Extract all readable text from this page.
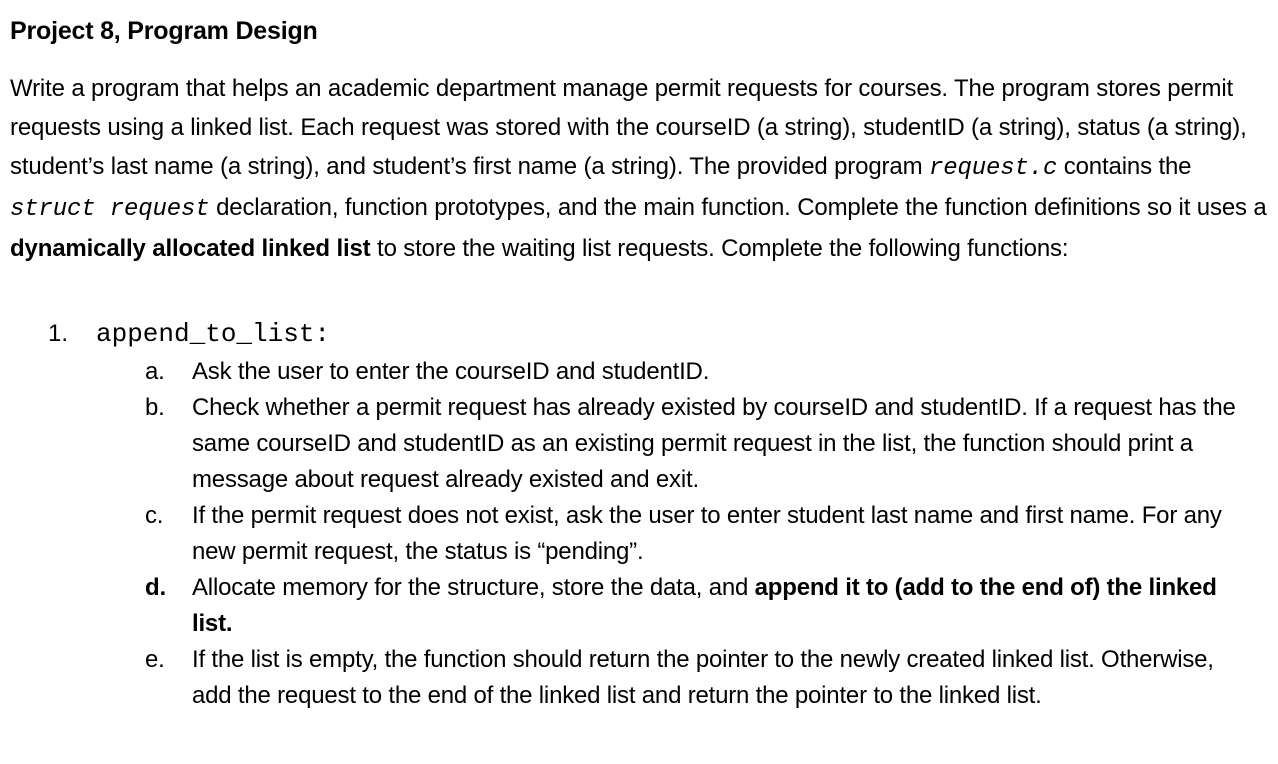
Project 8, Program Design

Write a program that helps an academic department manage permit requests for courses. The program stores permit requests using a linked list. Each request was stored with the courseID (a string), studentID (a string), status (a string), student’s last name (a string), and student’s first name (a string). The provided program request.c contains the struct request declaration, function prototypes, and the main function. Complete the function definitions so it uses a dynamically allocated linked list to store the waiting list requests. Complete the following functions:

1. append_to_list:
a.	Ask the user to enter the courseID and studentID.
b.	Check whether a permit request has already existed by courseID and studentID. If a request has the same courseID and studentID as an existing permit request in the list, the function should print a message about request already existed and exit.
c.	If the permit request does not exist, ask the user to enter student last name and first name. For any new permit request, the status is “pending”.
d.	Allocate memory for the structure, store the data, and append it to (add to the end of) the linked list.
e.	If the list is empty, the function should return the pointer to the newly created linked list. Otherwise, add the request to the end of the linked list and return the pointer to the linked list.
